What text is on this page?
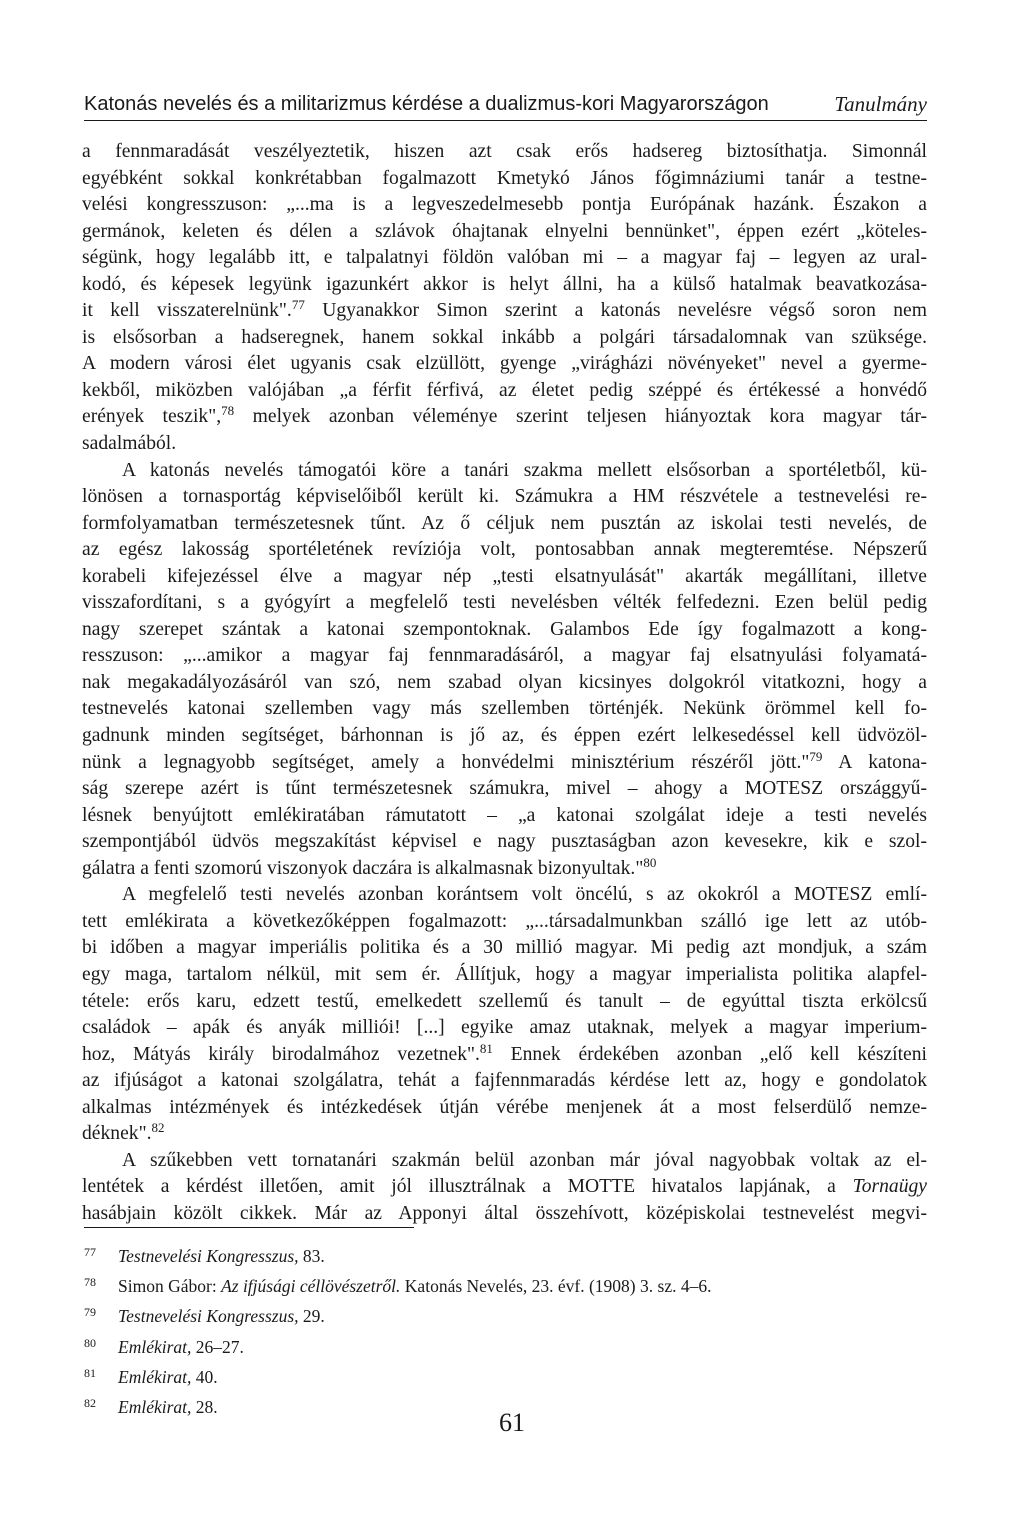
Katonás nevelés és a militarizmus kérdése a dualizmus-kori Magyarországon	Tanulmány

a fennmaradását veszélyeztetik, hiszen azt csak erős hadsereg biztosíthatja. Simonnál

egyébként sokkal konkrétabban fogalmazott Kmetykó János főgimnáziumi tanár a testne-

velési kongresszuson: „...ma is a legveszedelmesebb pontja Európának hazánk. Északon a

germánok, keleten és délen a szlávok óhajtanak elnyelni bennünket", éppen ezért „köteles-

ségünk, hogy legalább itt, e talpalatnyi földön valóban mi – a magyar faj – legyen az ural-

kodó, és képesek legyünk igazunkért akkor is helyt állni, ha a külső hatalmak beavatkozása-

it kell visszaterelnünk".$^{77}$ Ugyanakkor Simon szerint a katonás nevelésre végső soron nem

is elsősorban a hadseregnek, hanem sokkal inkább a polgári társadalomnak van szüksége.

A modern városi élet ugyanis csak elzüllött, gyenge „virágházi növényeket" nevel a gyerme-

kekből, miközben valójában „a férfit férfivá, az életet pedig széppé és értékessé a honvédő

erények teszik",$^{78}$ melyek azonban véleménye szerint teljesen hiányoztak kora magyar tár-

sadalmából.

A katonás nevelés támogatói köre a tanári szakma mellett elsősorban a sportéletből, kü-

lönösen a tornasportág képviselőiből került ki. Számukra a HM részvétele a testnevelési re-

formfolyamatban természetesnek tűnt. Az ő céljuk nem pusztán az iskolai testi nevelés, de

az egész lakosság sportéletének revíziója volt, pontosabban annak megteremtése. Népszerű

korabeli kifejezéssel élve a magyar nép „testi elsatnyulását" akarták megállítani, illetve

visszafordítani, s a gyógyírt a megfelelő testi nevelésben vélték felfedezni. Ezen belül pedig

nagy szerepet szántak a katonai szempontoknak. Galambos Ede így fogalmazott a kong-

resszuson: „...amikor a magyar faj fennmaradásáról, a magyar faj elsatnyulási folyamatá-

nak megakadályozásáról van szó, nem szabad olyan kicsinyes dolgokról vitatkozni, hogy a

testnevelés katonai szellemben vagy más szellemben történjék. Nekünk örömmel kell fo-

gadnunk minden segítséget, bárhonnan is jő az, és éppen ezért lelkesedéssel kell üdvözöl-

nünk a legnagyobb segítséget, amely a honvédelmi minisztérium részéről jött."$^{79}$ A katona-

ság szerepe azért is tűnt természetesnek számukra, mivel – ahogy a MOTESZ országgyű-

lésnek benyújtott emlékiratában rámutatott – „a katonai szolgálat ideje a testi nevelés

szempontjából üdvös megszakítást képvisel e nagy pusztaságban azon kevesekre, kik e szol-

gálatra a fenti szomorú viszonyok daczára is alkalmasnak bizonyultak."$^{80}$

A megfelelő testi nevelés azonban korántsem volt öncélú, s az okokról a MOTESZ emlí-

tett emlékirata a következőképpen fogalmazott: „...társadalmunkban szálló ige lett az utób-

bi időben a magyar imperiális politika és a 30 millió magyar. Mi pedig azt mondjuk, a szám

egy maga, tartalom nélkül, mit sem ér. Állítjuk, hogy a magyar imperialista politika alapfel-

tétele: erős karu, edzett testű, emelkedett szellemű és tanult – de egyúttal tiszta erkölcsű

családok – apák és anyák milliói! [...] egyike amaz utaknak, melyek a magyar imperium-

hoz, Mátyás király birodalmához vezetnek".$^{81}$ Ennek érdekében azonban „elő kell készíteni

az ifjúságot a katonai szolgálatra, tehát a fajfennmaradás kérdése lett az, hogy e gondolatok

alkalmas intézmények és intézkedések útján vérébe menjenek át a most felserdülő nemze-

déknek".$^{82}$

A szűkebben vett tornatanári szakmán belül azonban már jóval nagyobbak voltak az el-

lentétek a kérdést illetően, amit jól illusztrálnak a MOTTE hivatalos lapjának, a Tornaügy

hasábjain közölt cikkek. Már az Apponyi által összehívott, középiskolai testnevelést megvi-

77 Testnevelési Kongresszus, 83.
78 Simon Gábor: Az ifjúsági céllövészetről. Katonás Nevelés, 23. évf. (1908) 3. sz. 4–6.
79 Testnevelési Kongresszus, 29.
80 Emlékirat, 26–27.
81 Emlékirat, 40.
82 Emlékirat, 28.
61
